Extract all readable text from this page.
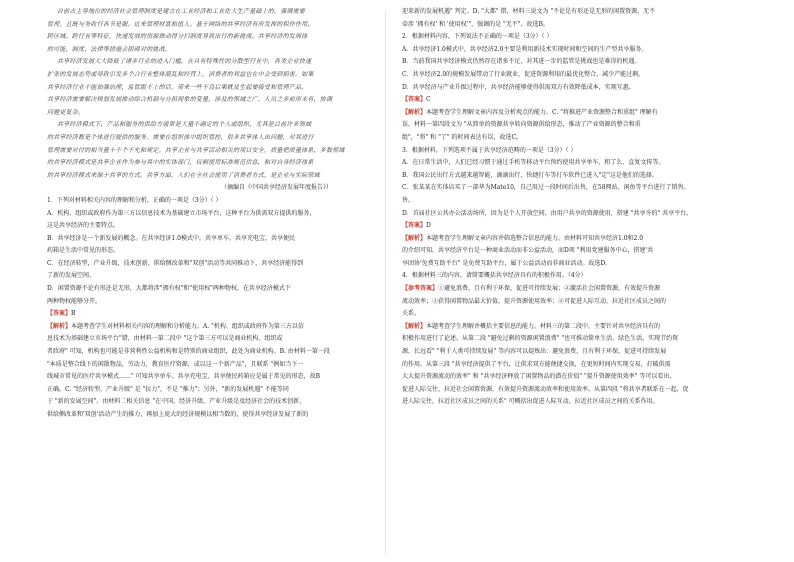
自前古主导地位的经济社会管理制度是建立在工业经济和工业化大生产基础上的，强调需要
管理，且既与务收行各节是服。近来管理财富和值人。基于网络的共享经济有所发挥的积作作用，
跨区域、跨行业等特征，快速发展的资源推动得分扫制度导致出行的新挑战。共享经济的发展体
的可能，制度、法律等措施会阻碍对的挑战。
共享经济发展大大降低了诸多行业的进入门槛。在具有特殊性的分散型行业中，各类企业快速
扩张的发展态势或导致引发多个合行业整体混乱和经营上，消费者的利益也在中会受到损害。如果
共享经济行业不能加强治理，监管跟不上的话，带来一些不良后果就及生起要接受和管理产品，
共享经济需要解决规划发展推动综合机制与分担现象的变量，涉及的领域之广、人员之多前所未有，协调
问题更复杂。
共享经济模式下，产品和服务的供给方通常是大量不确定的个人或组织，尤其是目前许多领域
的共享经济都是个体进行提供的服务。需要在组织体中组织管控，很多共享体人出问题，对其进行
管理需要对付的相当量十不个不允和规定。共享企业与共享活动相关的项目安全，质量把质量体系，多数领域
的共享经济模式是共享企业作为参与其中的实体部门，仅剩使用标准规范信息，和对自身经济体系
的共享经济模式来源于共享的方式。共享方面，人们在全社会使用了消费者方式，是企业与实际领域
（摘编自《中国共享经济发展年度报告》）
1．下列对材料相关内容的理解和分析，正确的一项是（3分）（ ）
A．机构、组织或政府作为第三方以信息技术为基础建立市场平台，这种平台为供需双方提供的服务，
这是共享经济的主要特点。
B．共享经济是一个新发展的概念。在共享经济1.0模式中，共享单车、共享充电宝、共享便民
药箱是生活中常见的形态。
C．在经济转型，产业升级，技术创新、供给侧改革和"双创"活动等共同推动下，共享经济能得到
了新的发展空间。
D．闲置资源不论有形还是无形，大都将涉"拥有权"和"使用权"两种物权，在共享经济模式下
两种物权能够分开。
【答案】B
【解析】本题考查学生对材料相关内容的理解和分析能力。A. "机构、组织或政府作为第三方以信
息技术为基础建立市场平台"错，由材料一第二段中 "这个第三方可以是商业机构、组织或
者政府" 可知，机构也可能是非营利性公益机构和是特别的商业组织，此处为商业机构。B. 由材料一第一段
"本质是整合线下的闲散物品，劳动力，教育医疗资源，或以这一个新产品"，且联系 "例如当下一
线城市常见的医疗共享模式……" 可知共享单车、共享充电宝、共享便民药箱应是属于常见的形态，故B
正确。C. "经济转型，产业升级" 是 "拉力"，不是 "推力"；另外，"新的发展机遇" 不能等同
于 "新的发展空间"。由材料二相关信息 "在中国，经济升级，产业升级是及经济社会的技术创新、
供给侧改革和'双创'活动产生的推力，再加上庞大的经济规模以相当数的，使得共享经济发展了新的
迎来新的发展机遇" 判定。D. "大都" 错，材料三说文为 "不论是有形还是无形的闲置资源，无不
牵涉 '拥有权' 和 '使用权'"，强调的是 "无不"。故选B。
2．根据材料内容，下列说法不正确的一项是（3分）（ ）
A．共享经济1.0模式中，共享经济2.0主要是利用新技术实现时间和空间的生产型共享服务。
B．当前我国共享经济模式仍然存在诸多不足，对其进一步的监管是挑战也是难得的机遇。
C．共享经济2.0的规模发展带动了行业就业，促进资源利用的最优化整合，减少产能过剩。
D．共享经济与产业升级过程中，共享经济能够使得供需双方有效降低成本，实现互惠。
【答案】C
【解析】本题考查学生理解文章内容及分析观点的能力。C. "将推进产业资源整合和重组" 理解有
误，材料一第四段文为 "从简单的资源共享转向资源供给形态，推动了产业资源的整合和重
组"，"将" 和 "了" 的时间表达有误，故选C。
3．根据材料，下列选项不属于共享经济范畴的一项是（3分）（ ）
A．在日常生活中，人们已经习惯于通过手机等移动平台预约使用共享单车、租了么、直复文传等。
B．我国公民出行方式越来越智能，滴滴出行、快捷打车等打车软件已进入"定"这是他们的选择。
C．张某某在实体店买了一部华为Mate10，自己用过一段时间后出售，在58网站、闲鱼等平台进行了销售。
售。
D．首届社区公共办公活动场所，因为是个人开放空间，由用户共享的资源使用，搭建 "共享夯的" 共享平台。
【答案】D
【解析】本题考查学生理解文章内容并筛选整合信息的能力。由材料可知共享经济1.0和2.0
的介绍可知，共享经济平台是一种商业活动而非公益活动，而D项 "利用党建服务中心，搭建'共
享团协'免费互助平台" 是免费互助平台，属于公益活动而非商业活动。故选D。
4．根据材料三的内容，请简要概括共享经济具有的积极作用。（4分）
【参考答案】①避免浪费，且有利于环保，促进可持续发展；②激活社会闲置资源，有效提升资源
流动效率；③获得闲置物品最大价值，提升资源使用效率；④可促进人际互动，拉近社区成员之间的
关系。
【解析】本题考查学生理解并概括主要信息的能力。材料三的第二段中，主要针对共享经济具有的
积极作用进行了论述。从第二段 "避免过剩的资源闲置浪费" "也可推动简单生活、绿色生活，实现节约资
源，长远看" "利于人类可持续发展" 等内容可以提炼出：避免浪费，且有利于环保，促进可持续发展
的作用。从第三段 "共享经济提供了平台，让供求双方能便捷交换，在更短时间内实现交易，打破供需
大大提升资源流动的效率" 和 "共享经济释放了闲置物品的潜在价值" "提升资源使用效率" 等可以看出，
促进人际交往，拉近社会闲置资源，有效提升资源流动效率和使用效率。从第四段 "将共享者联系在一起，促
进人际交往，拉近社区成员之间的关系" 可概括出促进人际互动，拉近社区成员之间的关系作用。
